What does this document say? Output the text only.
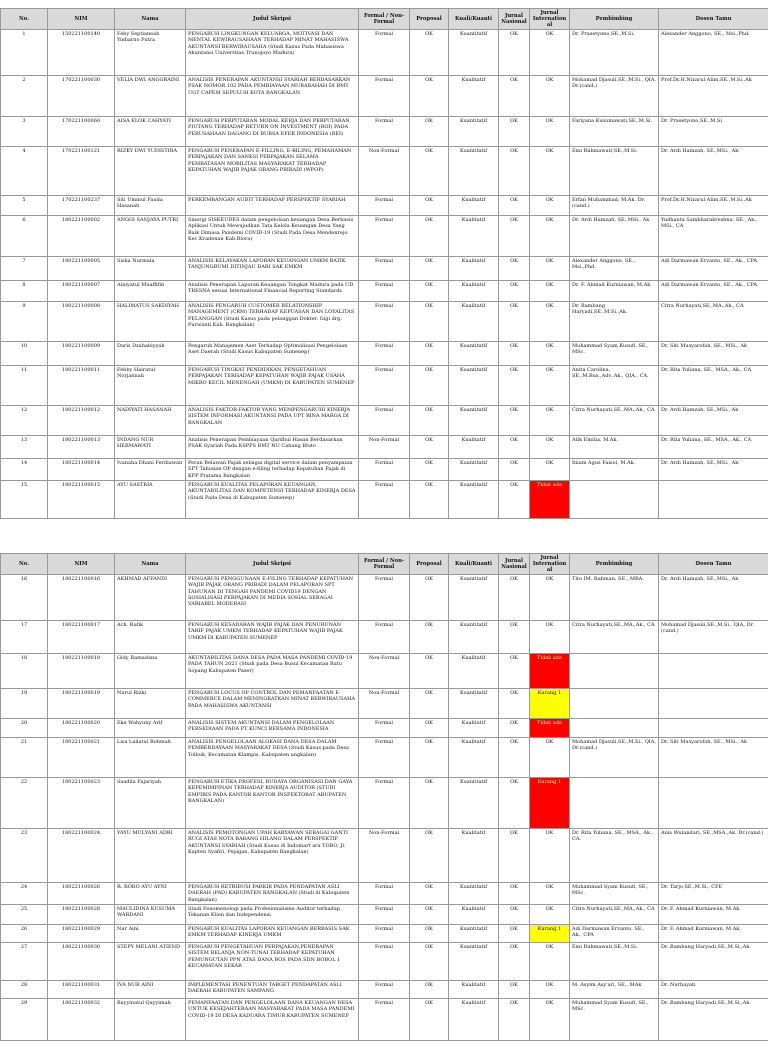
No.	NIM	Nama	Judul Skripsi	Formal / Non-Formal	Proposal	Kuali/Kuanti	Jurnal Nasional	Jurnal International	Pembimbing	Dosen Tamu
1	150221100140	Feby Septianeah Yudiarno Putra	PENGARUH LINGKUNGAN KELUARGA, MOTIVASI DAN MENTAL KEWIRAUSAHAAN TERHADAP MINAT MAHASISWA AKUNTANSI BERWIRAUSAHA (Studi Kasus Pada Mahasiswa Akuntansi Universitas Trunojoyo Madura)	Formal	OK	Kuantitatif	OK	OK	Dr. Prasetyono,SE.,M.Si.	Alexander Anggono, SE., Msi.,Phd.
2	170221100030	VELIA DWI ANGGRAINI	ANALISIS PENERAPAN AKUNTANSI SYARIAH BERDASARKAN PSAK NOMOR.102 PADA PEMBIAYAAN MURABAHAH DI BMT UGT CAPEM SEPULUH KOTA BANGKALAN	Formal	OK	Kualitatif	OK	OK	Mohamad Djasuli,SE.,M.Si., QIA, Dr.(cand.)	Prof.Dr.H.Nizarul Alim,SE.,M.Si.,Ak
3	170221100060	AISA ELOK CAHYATI	PENGARUH PERPUTARAN MODAL KERJA DAN PERPUTARAN PIUTANG TERHADAP RETURN ON INVESTMENT (ROI) PADA PERUSAHAAN DAGANG DI BURSA EFEK INDONESIA (BEI)	Formal	OK	Kuantitatif	OK	OK	Fariyana Kusumawati,SE.,M.Si.	Dr. Prasetyono,SE.,M.Si
4	170221100121	RIZKY DWI YUDISTIRA	PENGARUH PENERAPAN E-FILLING, E-BILING, PEMAHAMAN PERPAJAKAN DAN SANKSI PERPAJAKAN SELAMA PEMBATASAN MOBILITAS MASYARAKAT TERHADAP KEPATUHAN WAJIB PAJAK ORANG PRIBADI (WPOP)	Non-Formal	OK	Kuantitatif	OK	OK	Emi Rahmawati,SE.,M.Si.	Dr. Ardi Hamzah, SE.,MSi., Ak
5	170221100237	Siti Ummul Fauda Hasanah	PERKEMBANGAN AUDIT TERHADAP PERSPEKTIF SYARIAH	Formal	OK	Kualitatif	OK	OK	Erfan Muhammad, M.Ak. Dr.(cand.)	Prof.Dr.H.Nizarul Alim,SE.,M.Si.,Ak
6	180221100002	ANGGI SANJAYA PUTRI	Sinergi SISKEUDES dalam pengelolaan keuangan Desa Berbasis Aplikasi Untuk Mewujudkan Tata Kelola Keuangan Desa Yang Baik Dimasa Pandemi COVID-19 (Studi Pada Desa Mendenrejo Kec.Kradenan Kab.Blora)	Formal	OK	Kualitatif	OK	OK	Dr. Ardi Hamzah, SE.,MSi., Ak	Yudhanta Sambharakreshna, SE., Ak., MSi., CA
7	180221100005	Siska Nurmala	ANALISIS KELAYAKAN LAPORAN KEUANGAN UMKM BATIK TANJUNGBUMI DITINJAU DARI SAK EMKM	Formal	OK	Kualitatif	OK	OK	Alexander Anggono, SE., Msi.,Phd.	Adi Darmawan Ervanto, SE., Ak., CPA
8	180221100007	Ainiyatul Muaffifin	Analisis Penerapan Laporan Keuangan Tongkat Madura pada UD. TRESNA sesuai International Financial Reporting Standards	Formal	OK	Kualitatif	OK	OK	Dr. F. Ahmad Kurniawan, M.Ak.	Adi Darmawan Ervanto, SE., Ak., CPA
9	180221100008	HALIMATUS SAKDIYAH	ANALISIS PENGARUH CUSTOMER RELATIONSHIP MANAGEMENT (CRM) TERHADAP KEPUASAN DAN LOYALITAS PELANGGAN (Studi Kasus pada pelanggan Dokter. Gigi drg. Purwanti Kab. Bangkalan)	Formal	OK	Kualitatif	OK	OK	Dr. Bambang Haryadi,SE.,M.Si.,Ak.	Citra Nurhayati,SE.,MA.,Ak., CA
10	180221100009	Daris Dzahabiyyah	Pengaruh Manajemen Aset Terhadap Optimalisasi Pengelolaan Aset Daerah (Studi Kasus Kabupaten Sumenep)	Formal	OK	Kuantitatif	OK	OK	Muhammad Syam Kusufi, SE., MSc.	Dr. Siti Musyarofah, SE., MSi., Ak
11	180221100011	Febby Hairatul Norjannah	PENGARUH TINGKAT PENDIDIKAN, PENGETAHUAN PERPAJAKAN TERHADAP KEPATUHAN WAJIB PAJAK USAHA MIKRO KECIL MENENGAH (UMKM) DI KABUPATEN SUMENEP	Formal	OK	Kuantitatif	OK	OK	Anita Carolina, SE.,M.Bus.,Adv.,Ak., QIA., CA.	Dr. Rita Yuliana, SE., MSA., Ak., CA
12	180221100012	NADIYATI HASANAH	ANALISIS FAKTOR-FAKTOR YANG MEMPENGARUHI KINERJA SISTEM INFORMASI AKUNTANSI PADA UPT BINA MARGA DI BANGKALAN	Formal	OK	Kuantitatif	OK	OK	Citra Nurhayati,SE.,MA.,Ak., CA	Dr. Ardi Hamzah, SE.,MSi., Ak
13	180221100013	INDANG NUR HERMAWATI	Analisis Penerapan Pembiayaan Qardhul Hasan Berdasarkan PSAK Syariah Pada KSPPS BMT NU Cabang Bluto	Non-Formal	OK	Kualitatif	OK	OK	Atik Emilia, M.Ak.	Dr. Rita Yuliana, SE., MSA., Ak., CA
14	180221100014	Ivanaha Dhani Ferdiawan	Peran Relawan Pajak sebagai digital service dalam penyampaian SPT Tahunan OP dengan e-filing terhadap Kepatuhan Pajak di KPP Pratama Bangkalan	Formal	OK	Kuantitatif	OK	OK	Imam Agus Faisol, M.Ak.	Dr. Ardi Hamzah, SE.,MSi., Ak
15	180221100015	AYU SASTRIA	PENGARUH KUALITAS PELAPORAN KEUANGAN, AKUNTABILITAS DAN KOMPETENSI TERHADAP KINERJA DESA (Studi Pada Desa di Kabupaten Sumenep)	Formal	OK	Kuantitatif	OK	Tidak ada		
No.	NIM	Nama	Judul Skripsi	Formal / Non-Formal	Proposal	Kuali/Kuanti	Jurnal Nasional	Jurnal International	Pembimbing	Dosen Tamu
16	180221100016	AKHMAD AFFANDI	PENGARUH PENGGUNAAN E-FILING TERHADAP KEPATUHAN WAJIB PAJAK ORANG PRIBADI DALAM PELAPORAN SPT TAHUNAN DI TENGAH PANDEMI COVID19 DENGAN SOSIALISASI PERPAJAKAN DI MEDIA SOSIAL SEBAGAI VARIABEL MODERASI	Formal	OK	Kuantitatif	OK	OK	Tito IM. Rahman, SE., MBA.	Dr. Ardi Hamzah, SE.,MSi., Ak
17	180221100017	Ach. Rafik	PENGARUH KESADARAN WAJIB PAJAK DAN PENURUNAN TARIF PAJAK UMKM TERHADAP KEPATUHAN WAJIB PAJAK UMKM DI KABUPATEN SUMENEP	Formal	OK	Kuantitatif	OK	OK	Citra Nurhayati,SE.,MA.,Ak., CA	Mohamad Djasuli,SE.,M.Si., QIA, Dr.(cand.)
18	180221100018	Gldy Ramadana	AKUNTABILITAS DANA DESA PADA MASA PANDEMI COVID-19 PADA TAHUN 2021 (Studi pada Desa Busui Kecamatan Batu Sopang Kabupaten Paser)	Non-Formal	OK	Kualitatif	OK	Tidak ada		
19	180221100019	Nurul Rizki	PENGARUH LOCUS OF CONTROL DAN PEMANFAATAN E-COMMERCE DALAM MENINGKATKAN MINAT BERWIRAUSAHA PADA MAHASISWA AKUNTANSI	Non-Formal	OK	Kuantitatif	OK	Kurang 1		
20	180221100020	Eka Wahyuny Arif	ANALISIS SISTEM AKUNTANSI DALAM PENGELOLAAN PERSEDIAAN PADA PT KUNCI BERSAMA INDONESIA	Formal	OK	Kualitatif	OK	Tidak ada		
21	180221100021	Lisa Lailatul Rohmah	ANALISIS PENGELOLAAN ALOKASI DANA DESA DALAM PEMBERDAYAAN MASYARAKAT DESA (Studi Kasus pada Desa Tolbuk, Kecamatan Klampis, Kabupaten angkalan)	Formal	OK	Kualitatif	OK	OK	Mohamad Djasuli,SE.,M.Si., QIA, Dr.(cand.)	Dr. Siti Musyarofah, SE., MSi., Ak
22	180221100023	Saadila Fajariyah	PENGARUH ETIKA PROFESI, BUDAYA ORGANISASI DAN GAYA KEPEMIMPINAN TERHADAP KINERJA AUDITOR (STUDI EMPIRIS PADA KANTOR KANTOR INSPEKTORAT ABUPATEN BANGKALAN)	Formal	OK	Kuantitatif	OK	Kurang 1		
23	180221100024	YAYU MULYANI ADRI	ANALISIS PEMOTONGAN UPAH KARYAWAN SEBAGAI GANTI RUGI ATAS NOTA BARANG HILANG DALAM PERSPEKTIF AKUNTANSI SYARIAH (Studi Kasus di Indomart ara TOBO, Jl. Kapten Syafiri, Pejagan, Kabupaten Bangkalan)	Non-Formal	OK	Kualitatif	OK	OK	Dr. Rita Yuliana, SE., MSA., Ak., CA.	Anis Wulandari, SE.,MSA.,Ak. Dr.(cand.)
24	180221100026	R. RORO AYU AYNI	PENGARUH RETRIBUSI PARKIR PADA PENDAPATAN ASLI DAERAH (PAD) KABUPATEN BANGKALAN (Studi di Kabupaten Bangkalan)	Formal	OK	Kuantitatif	OK	OK	Muhammad Syam Kusufi, SE., MSc.	Dr. Tarjo,SE.,M.Si., CFE
25	180221100028	MAULIDINA KUSUMA WARDANI	Studi Fenomenologi pada Profesionalisme Auditor terhadap Tekanan Klien dan Independensi	Formal	OK	Kualitatif	OK	OK	Citra Nurhayati,SE.,MA.,Ak., CA	Dr. F. Ahmad Kurniawan, M.Ak.
26	180221100029	Nur Aini	PENGARUH KUALITAS LAPORAN KEUANGAN BERBASIS SAK EMKM TERHADAP KINERJA UMKM	Formal	OK	Kuantitatif	OK	Kurang 1	Adi Darmawan Ervanto, SE., Ak., CPA	Dr. F. Ahmad Kurniawan, M.Ak.
27	180221100030	STEPY MELANI ATIEND	PENGARUH PENGETAHUAN PERPAJAKAN,PENERAPAN SISTEM BELANJA NON-TUNAI TERHADAP KEPATUHAN PEMUNGUTAN PPN ATAS DANA BOS PADA SDN BOBOL 1 KECAMATAN SEKAR	Formal	OK	Kuantitatif	OK	OK	Emi Rahmawati,SE.,M.Si.	Dr. Bambang Haryadi,SE.,M.Si.,Ak.
28	180221100031	IVA NUR AINI	IMPLEMENTASI PENENTUAN TARGET PENDAPATAN ASLI DAERAH KABUPATEN SAMPANG	Formal	OK	Kualitatif	OK	OK	M. Asyim Asy'ari, SE., MAk	Dr. Nurhayati
29	180221100032	Bayyinatul Qayyimah	PEMANFAATAN DAN PENGELOLAAN DANA KEUANGAN DESA UNTUK KESEJAHTERAAN MASYARAKAT PADA MASA PANDEMI COVID-19 DI DESA KADUARA TIMUR KABUPATEN SUMENEP	Formal	OK	Kualitatif	OK	OK	Muhammad Syam Kusufi, SE., MSc.	Dr. Bambang Haryadi,SE.,M.Si.,Ak.
